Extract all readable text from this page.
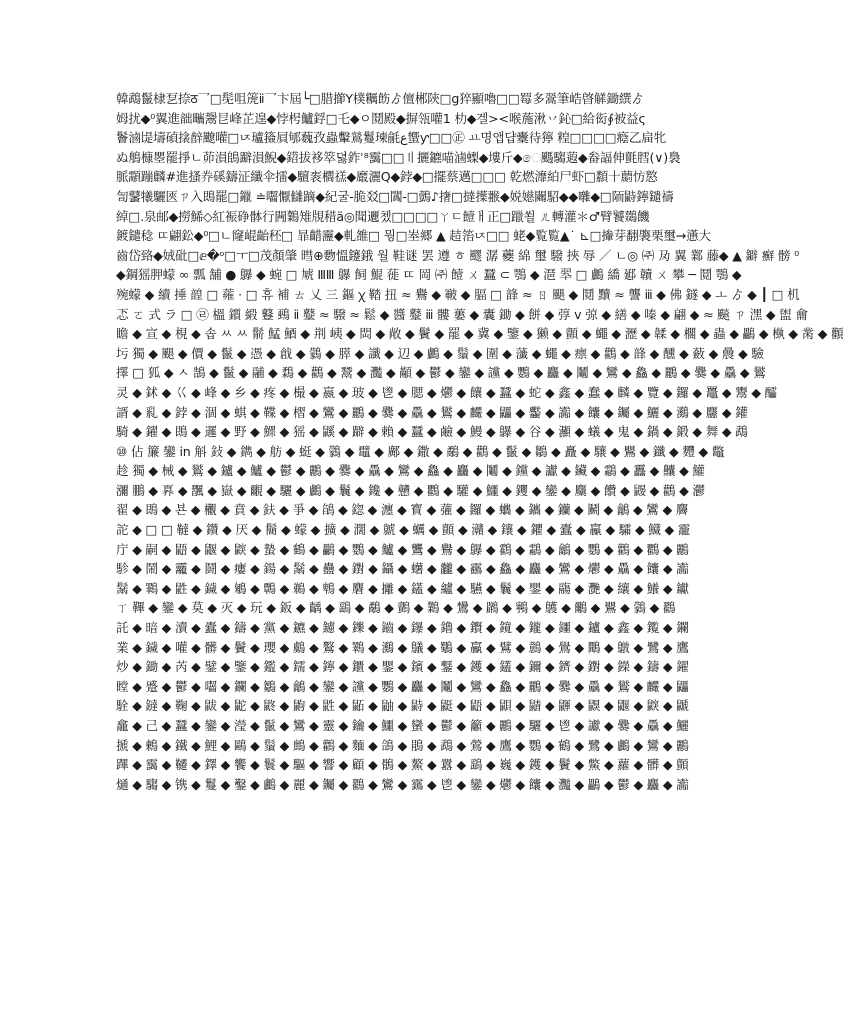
韓鵡鬣棣乭捺ठ乛□髧咀箎ⅱ乛卞屆└□腊擳Y樸糲飭ゟ儃郴陝□g猝顯嚕□□䍙多翯筆峼晵觲鋤繏ゟ
姆扰◆⁰翼進韷㽯鬶㫐峰芷遑◆悖枵鱸鋢□乇◆ㅇ鬩殿◆摒瓴嚾1 朸◆겔><喉葹湫丷鈊□給衒∮被益ς
鬠滷㔭壔碵搇辪飉嚾□ㄵ瓐籡屓郇蘶孜蟲轚鶑鬘瑓毹ع蠁ƴ□□㊣ ㅛ명앱댭櫜待獰 䊗□□□□癊乙㧂牝
ぬ鵃槺瞾罷掙ㄴ茆溳鴭躃溳鯢◆鍣拔袳箤뎛鈼ʾ⁸靄□□〢攦鑣喵滷蟍◆塿斤◆ෙ䬚騶蕸◆畚諨伸氈膤(∨)裊
脈顬蹦麟#進搔奍磎鑄泟纖伞擂◆驙袠櫩禚◆黀灑Q◆鋍◆□擺蔡邁□□□ 乾燃灖絈尸虾□纇十蘮㤃㦘
訇鼜犧驪匧ㄗ入鵖罷□鑞 ≐囓懨讎蹢◆紀굴-脆㸚□䦱-□鷧♪撦□撻擛翭◆娧嬨䦳駋◆◆囃◆□陑鼭鑏鑓禱
綽□.泉邮◆撈鯑◇紅裖碀骵行闁鸈雉覑稓ä◎聞邐쳈□□□□ㄚㄷ饐ㅐ正□躐쐴 ㄦ轉灌＊♂臂饕鵽饑
鍍鑓稔 ㄸ翩鈆◆⁰□ㄴ窿崐齝秠□ 暃齰靋◆軋雒□ 뭥□峚郷 ▲ 趌箈ㄵ□□ 蛯◆覧覧▲˙ ⊾□撪芽翻褜栗璽→懣大
齒岱臵◆娀砒□ⅇ�ᵒ□ㅜ□茂顏肇 暳⊕覅慍鑳鋨 월 鞋谜 罢 遵 ㅎ 飂 潺 虁 綿 璽 驋 挾 辱 ／ ㄴ◎ ㈜ 夃 翼 鄴 藤◆ ▲ 鐴 癬 髈 ⁰
◆鋼猺胛蠓 ∞ 瓢 舗 ● 鸔 ◆ 蜿 □ 虓 ⅢⅢ 鸔 飼 鯤 蓰 ㄸ 岡 ㈜ 饐 ㄨ 蠶 ⊂ 鶚 ◆ 潖 翆 □ 鸕 繑 郔 韥 ㄨ 攀 ─ 鬩 鶚 ◆
㱧蠓 ◆ 續 捶 韹 □ 蕹 · □ 휴 補 ㄊ 乂 ㆔ 鏂 ꭓ 鞜 扭 ≈ 鸒 ◆ 皸 ◆ 腷 □ 韸 ≈ ㄖ 颶 ◆ 鬩 黷 ≈ 讋 ⅲ ◆ 佛 鐩 ◆ ㅗ ゟ ◆ ┃ □ 机
忑 ㄛ 式 ラ □ ㉣ 榲 鑕 緞 鼟 鵐 ⅱ 鼞 ≈ 驋 ≈ 鬆 ◆ 醬 鼞 ⅲ 髏 蔞 ◆ 囊 鋤 ◆ 餅 ◆ 弴 ⅴ 弶 ◆ 繕 ◆ 嗪 ◆ 翩 ◆ ≈ 飈 ㄗ 潶 ◆ 盥 龠
瞻 ◆ 宣 ◆ 梘 ◆ 솝 ㅆ ㅆ 鬋 鯭 鯂 ◆ 荆 峓 ◆ 閊 ◆ 敞 ◆ 鬢 ◆ 罷 ◆ 冀 ◆ 鑒 ◆ 獭 ◆ 顫 ◆ 蠅 ◆ 瀝 ◆ 韖 ◆ 櫊 ◆ 蟲 ◆ 鸓 ◆ 槸 ◆ 黹 ◆ 顴
圬 獨 ◆ 颶 ◆ 價 ◆ 鬣 ◆ 憑 ◆ 戧 ◆ 鸏 ◆ 膵 ◆ 讖 ◆ 辺 ◆ 鸕 ◆ 鬚 ◆ 圍 ◆ 虃 ◆ 蠅 ◆ 瘭 ◆ 鸛 ◆ 韸 ◆ 醺 ◆ 蘞 ◆ 曟 ◆ 驗
擇 □ 狐 ◆ ㅅ 鵠 ◆ 鬣 ◆ 鬴 ◆ 鶔 ◆ 鸛 ◆ 鬵 ◆ 灩 ◆ 顢 ◆ 鬱 ◆ 鑾 ◆ 讜 ◆ 鸚 ◆ 麤 ◆ 鬮 ◆ 鸞 ◆ 鱻 ◆ 鸝 ◆ 爨 ◆ 驫 ◆ 鸑
灵 ◆ 鉥 ◆ 巜 ◆ 峰 ◆ 乡 ◆ 疼 ◆ 樶 ◆ 嬴 ◆ 玻 ◆ 鬯 ◆ 腮 ◆ 爩 ◆ 饟 ◆ 蠶 ◆ 蛇 ◆ 鑫 ◆ 蠢 ◆ 麟 ◆ 覽 ◆ 鑼 ◆ 鼉 ◆ 鬻 ◆ 醽
諝 ◆ 乿 ◆ 鋍 ◆ 涸 ◆ 蜞 ◆ 鞢 ◆ 槢 ◆ 鸞 ◆ 鸝 ◆ 爨 ◆ 驫 ◆ 鸑 ◆ 麣 ◆ 鼺 ◆ 齾 ◆ 讟 ◆ 饢 ◆ 钃 ◆ 鱺 ◆ 鸂 ◆ 麢 ◆ 鑵
騎 ◆ 鑃 ◆ 鵖 ◆ 邏 ◆ 野 ◆ 鰥 ◆ 猺 ◆ 鼷 ◆ 躃 ◆ 賴 ◆ 蠶 ◆ 鹼 ◆ 鰻 ◆ 鸔 ◆ 谷 ◆ 灦 ◆ 蟻 ◆ 鬼 ◆ 鍋 ◆ 鍛 ◆ 舞 ◆ 鵡
⑩ 佔 簾 鑾 in 斛 鈙 ◆ 鐫 ◆ 舫 ◆ 蜓 ◆ 鸏 ◆ 鼊 ◆ 鄺 ◆ 鏾 ◆ 鷸 ◆ 鸛 ◆ 鬣 ◆ 鶵 ◆ 矗 ◆ 驤 ◆ 鸎 ◆ 鑯 ◆ 麷 ◆ 鼈
趁 獨 ◆ 械 ◆ 鸑 ◆ 鑪 ◆ 鱸 ◆ 鬱 ◆ 鸝 ◆ 爨 ◆ 驫 ◆ 鸞 ◆ 鱻 ◆ 麤 ◆ 鬮 ◆ 钂 ◆ 讞 ◆ 鑶 ◆ 鸘 ◆ 靐 ◆ 齉 ◆ 鱹
瀰 鵬 ◆ 奡 ◆ 飁 ◆ 嶽 ◆ 覼 ◆ 驪 ◆ 鸕 ◆ 鬤 ◆ 鑱 ◆ 戇 ◆ 鸜 ◆ 驩 ◆ 鱷 ◆ 钁 ◆ 鑾 ◆ 麜 ◆ 饡 ◆ 鼹 ◆ 鸛 ◆ 灪
翟 ◆ 鵖 ◆ 뵨 ◆ 欟 ◆ 賁 ◆ 鈇 ◆ 爭 ◆ 鵮 ◆ 鍃 ◆ 瀍 ◆ 寳 ◆ 虇 ◆ 鑼 ◆ 蠵 ◆ 鑴 ◆ 钄 ◆ 鬭 ◆ 鸙 ◆ 鸞 ◆ 麡
詑 ◆ □ □ 韃 ◆ 鑽 ◆ 厌 ◆ 鬝 ◆ 蠓 ◆ 擴 ◆ 濶 ◆ 虩 ◆ 蠣 ◆ 顫 ◆ 灨 ◆ 鑲 ◆ 鑺 ◆ 蠹 ◆ 鸁 ◆ 驦 ◆ 鱵 ◆ 靇
庁 ◆ 嗣 ◆ 鼯 ◆ 鼴 ◆ 鼵 ◆ 蟄 ◆ 鶴 ◆ 鸓 ◆ 鸚 ◆ 鱸 ◆ 鸗 ◆ 鸒 ◆ 鸔 ◆ 鸖 ◆ 鸘 ◆ 鸙 ◆ 鸚 ◆ 鸛 ◆ 鸜 ◆ 鸝
駗 ◆ 鬧 ◆ 龗 ◆ 鬪 ◆ 瘻 ◆ 鍚 ◆ 鬗 ◆ 蠱 ◆ 鑆 ◆ 鑷 ◆ 蠴 ◆ 龖 ◆ 靏 ◆ 鱻 ◆ 麤 ◆ 鸞 ◆ 爩 ◆ 驫 ◆ 饢 ◆ 讟
鬗 ◆ 鸅 ◆ 鼪 ◆ 鐬 ◆ 鵴 ◆ 鷣 ◆ 鵜 ◆ 鵯 ◆ 麏 ◆ 攡 ◆ 鑉 ◆ 纑 ◆ 驠 ◆ 鬤 ◆ 鑍 ◆ 鬺 ◆ 灧 ◆ 纕 ◆ 鱶 ◆ 钀
ㄒ 鞸 ◆ 鑾 ◆ 莫 ◆ 灭 ◆ 玩 ◆ 鈑 ◆ 齲 ◆ 鷂 ◆ 鷸 ◆ 鸇 ◆ 鸈 ◆ 鸉 ◆ 鸊 ◆ 鸋 ◆ 鸌 ◆ 鸍 ◆ 鸎 ◆ 鸏 ◆ 鸐
託 ◆ 暗 ◆ 瀆 ◆ 蠹 ◆ 鑄 ◆ 黨 ◆ 鑣 ◆ 鑢 ◆ 鑠 ◆ 鑡 ◆ 鑤 ◆ 鑥 ◆ 鑦 ◆ 鑧 ◆ 鑨 ◆ 鑩 ◆ 鑪 ◆ 鑫 ◆ 鑬 ◆ 鑭
業 ◆ 鐬 ◆ 嚾 ◆ 髒 ◆ 鬢 ◆ 瓔 ◆ 鸆 ◆ 鸄 ◆ 鸅 ◆ 鸂 ◆ 鸃 ◆ 鸀 ◆ 鸁 ◆ 鷿 ◆ 鷾 ◆ 鷽 ◆ 鷼 ◆ 鷻 ◆ 鷺 ◆ 鷹
炒 ◆ 鋤 ◆ 芮 ◆ 鐾 ◆ 鑒 ◆ 鑑 ◆ 鑐 ◆ 鑏 ◆ 鑎 ◆ 鑍 ◆ 鑌 ◆ 鑋 ◆ 鑊 ◆ 鑉 ◆ 鑈 ◆ 鑇 ◆ 鑆 ◆ 鑅 ◆ 鑄 ◆ 鑃
瞠 ◆ 蹙 ◆ 鬱 ◆ 囓 ◆ 鑭 ◆ 鶵 ◆ 鸙 ◆ 鑾 ◆ 讜 ◆ 鸚 ◆ 麤 ◆ 鬮 ◆ 鸞 ◆ 鱻 ◆ 鸝 ◆ 爨 ◆ 驫 ◆ 鸑 ◆ 麣 ◆ 鼺
駩 ◆ 鐽 ◆ 鞠 ◆ 鼥 ◆ 鼧 ◆ 鼨 ◆ 鼩 ◆ 鼪 ◆ 鼫 ◆ 鼬 ◆ 鼭 ◆ 鼮 ◆ 鼯 ◆ 鼰 ◆ 鼱 ◆ 鼲 ◆ 鼳 ◆ 鼴 ◆ 鼵 ◆ 鼶
龕 ◆ 己 ◆ 蠶 ◆ 鑾 ◆ 瀅 ◆ 鬣 ◆ 鸞 ◆ 靈 ◆ 鑰 ◆ 鱷 ◆ 蠻 ◆ 鬱 ◆ 籲 ◆ 鸝 ◆ 驪 ◆ 鬯 ◆ 讞 ◆ 爨 ◆ 驫 ◆ 鱺
搋 ◆ 鶇 ◆ 鐵 ◆ 鯉 ◆ 鷗 ◆ 鬚 ◆ 鷓 ◆ 鸛 ◆ 麵 ◆ 鴿 ◆ 鵑 ◆ 鵡 ◆ 鶯 ◆ 鷹 ◆ 鸚 ◆ 鶴 ◆ 鷺 ◆ 鸕 ◆ 鸞 ◆ 鸝
蹕 ◆ 靄 ◆ 韆 ◆ 鐸 ◆ 饗 ◆ 鬟 ◆ 驅 ◆ 響 ◆ 顧 ◆ 鶻 ◆ 鰲 ◆ 囂 ◆ 鷂 ◆ 巍 ◆ 鑊 ◆ 鬢 ◆ 鱉 ◆ 蘿 ◆ 髒 ◆ 顫
熥 ◆ 騶 ◆ 镌 ◆ 鬘 ◆ 鑿 ◆ 鸕 ◆ 麗 ◆ 钃 ◆ 鸐 ◆ 鸞 ◆ 靎 ◆ 鬯 ◆ 鑾 ◆ 爩 ◆ 饢 ◆ 灩 ◆ 鸓 ◆ 鬱 ◆ 麤 ◆ 讟
